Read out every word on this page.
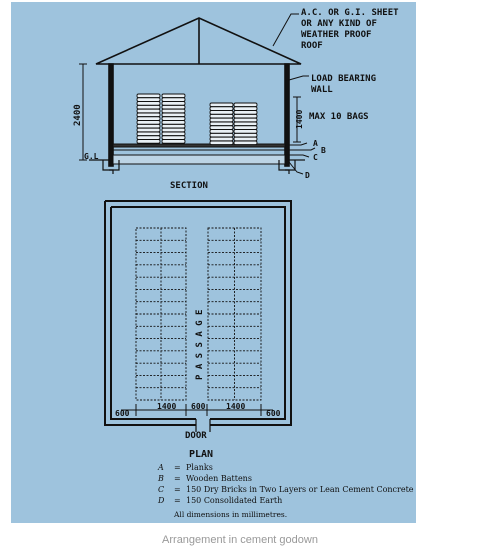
A.C. OR G.I. SHEET
OR ANY KIND OF
WEATHER PROOF
ROOF
LOAD BEARING
WALL
MAX 10 BAGS
2400	1400
G.L
A
B
C
D
SECTION
P A S S A G E
600
1400 600	1400
600
DOOR
PLAN
A = Planks
B = Wooden Battens
C = 150 Dry Bricks in Two Layers or Lean Cement Concrete
D = 150 Consolidated Earth
All dimensions in millimetres.
Arrangement in cement godown
